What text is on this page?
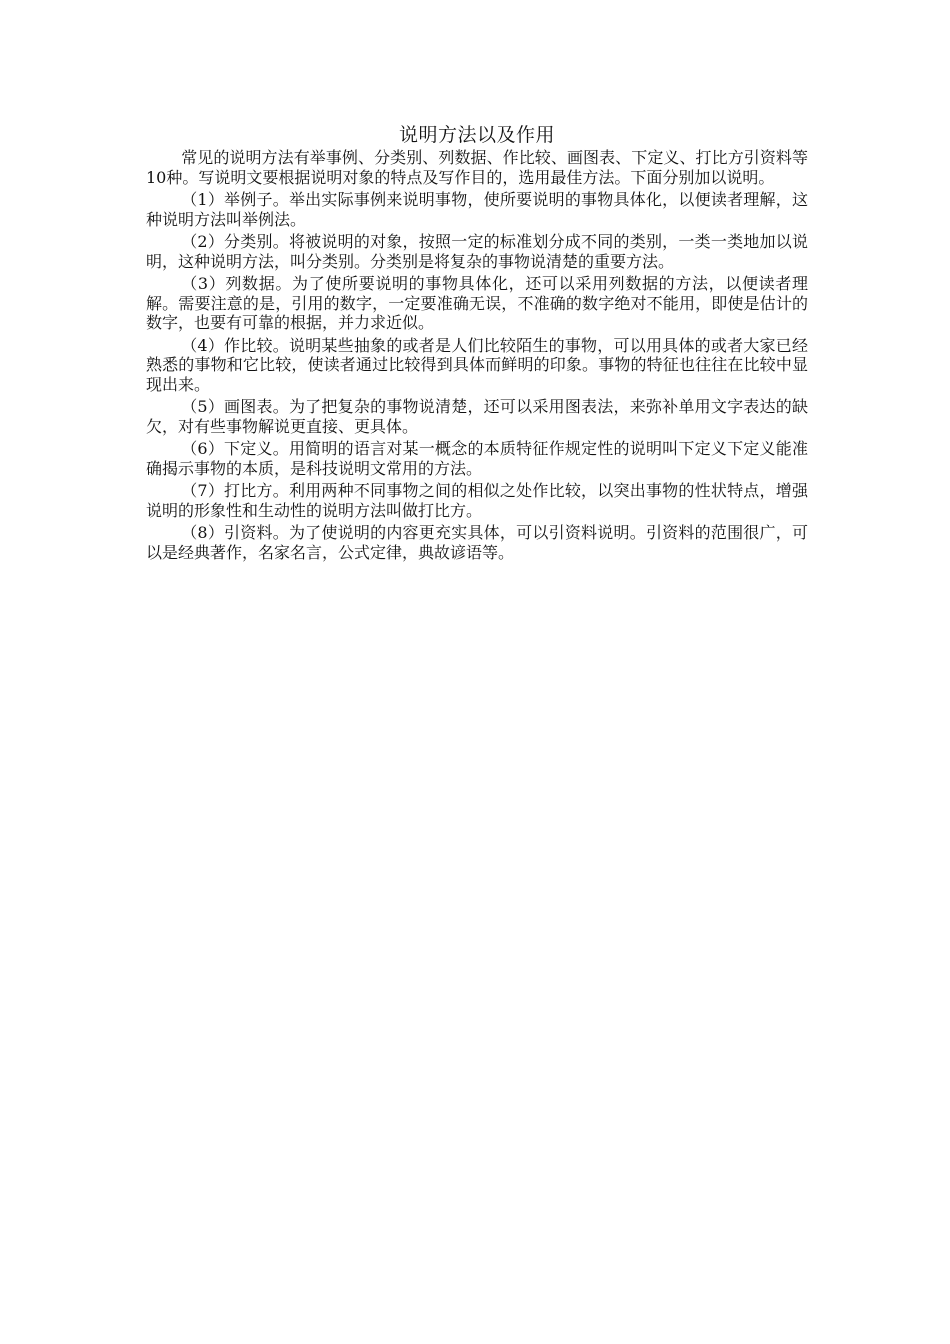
说明方法以及作用

常见的说明方法有举事例、分类别、列数据、作比较、画图表、下定义、打比方引资料等10种。写说明文要根据说明对象的特点及写作目的，选用最佳方法。下面分别加以说明。

（1）举例子。举出实际事例来说明事物，使所要说明的事物具体化，以便读者理解，这种说明方法叫举例法。

（2）分类别。将被说明的对象，按照一定的标准划分成不同的类别，一类一类地加以说明，这种说明方法，叫分类别。分类别是将复杂的事物说清楚的重要方法。

（3）列数据。为了使所要说明的事物具体化，还可以采用列数据的方法，以便读者理解。需要注意的是，引用的数字，一定要准确无误，不准确的数字绝对不能用，即使是估计的数字，也要有可靠的根据，并力求近似。

（4）作比较。说明某些抽象的或者是人们比较陌生的事物，可以用具体的或者大家已经熟悉的事物和它比较，使读者通过比较得到具体而鲜明的印象。事物的特征也往往在比较中显现出来。

（5）画图表。为了把复杂的事物说清楚，还可以采用图表法，来弥补单用文字表达的缺欠，对有些事物解说更直接、更具体。

（6）下定义。用简明的语言对某一概念的本质特征作规定性的说明叫下定义下定义能准确揭示事物的本质，是科技说明文常用的方法。

（7）打比方。利用两种不同事物之间的相似之处作比较，以突出事物的性状特点，增强说明的形象性和生动性的说明方法叫做打比方。

（8）引资料。为了使说明的内容更充实具体，可以引资料说明。引资料的范围很广，可以是经典著作，名家名言，公式定律，典故谚语等。
